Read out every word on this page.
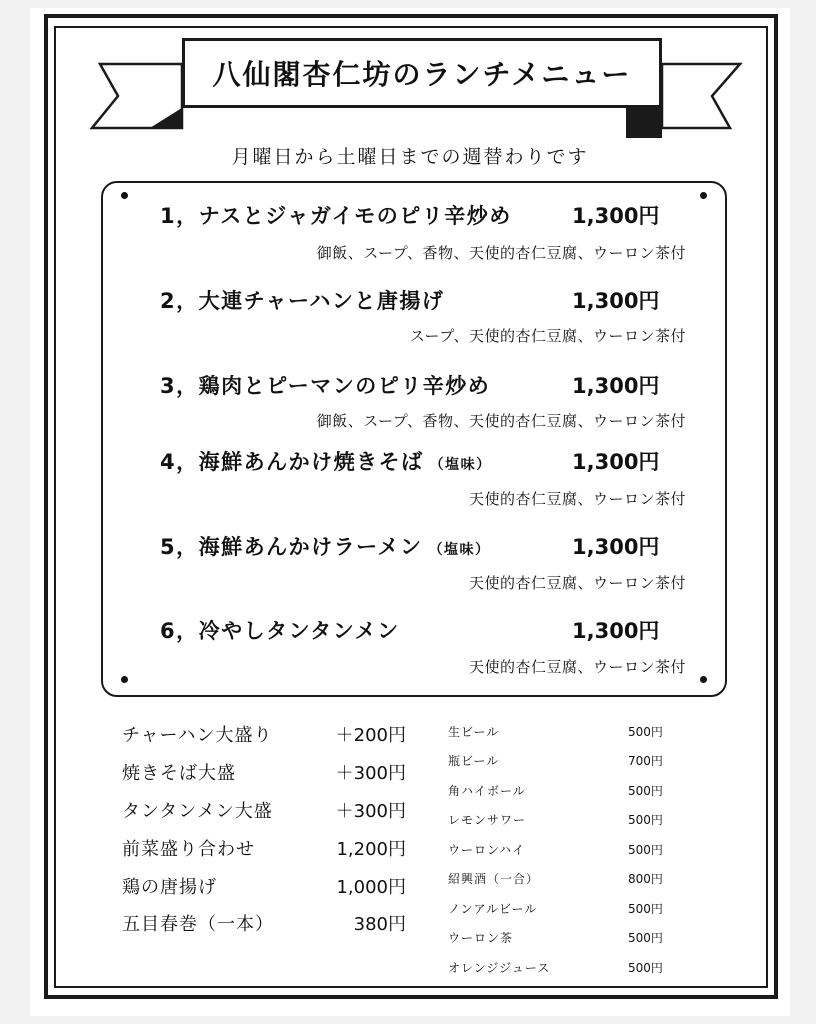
八仙閣杏仁坊のランチメニュー
月曜日から土曜日までの週替わりです
1，ナスとジャガイモのピリ辛炒め	1,300円
御飯、スープ、香物、天使的杏仁豆腐、ウーロン茶付
2，大連チャーハンと唐揚げ	1,300円
スープ、天使的杏仁豆腐、ウーロン茶付
3，鶏肉とピーマンのピリ辛炒め	1,300円
御飯、スープ、香物、天使的杏仁豆腐、ウーロン茶付
4，海鮮あんかけ焼きそば （塩味）	1,300円
天使的杏仁豆腐、ウーロン茶付
5，海鮮あんかけラーメン （塩味）	1,300円
天使的杏仁豆腐、ウーロン茶付
6，冷やしタンタンメン	1,300円
天使的杏仁豆腐、ウーロン茶付
チャーハン大盛り	＋200円
焼きそば大盛	＋300円
タンタンメン大盛	＋300円
前菜盛り合わせ	1,200円
鶏の唐揚げ	1,000円
五目春巻（一本）	380円
生ビール	500円
瓶ビール	700円
角ハイボール	500円
レモンサワー	500円
ウーロンハイ	500円
紹興酒（一合）	800円
ノンアルビール	500円
ウーロン茶	500円
オレンジジュース	500円
